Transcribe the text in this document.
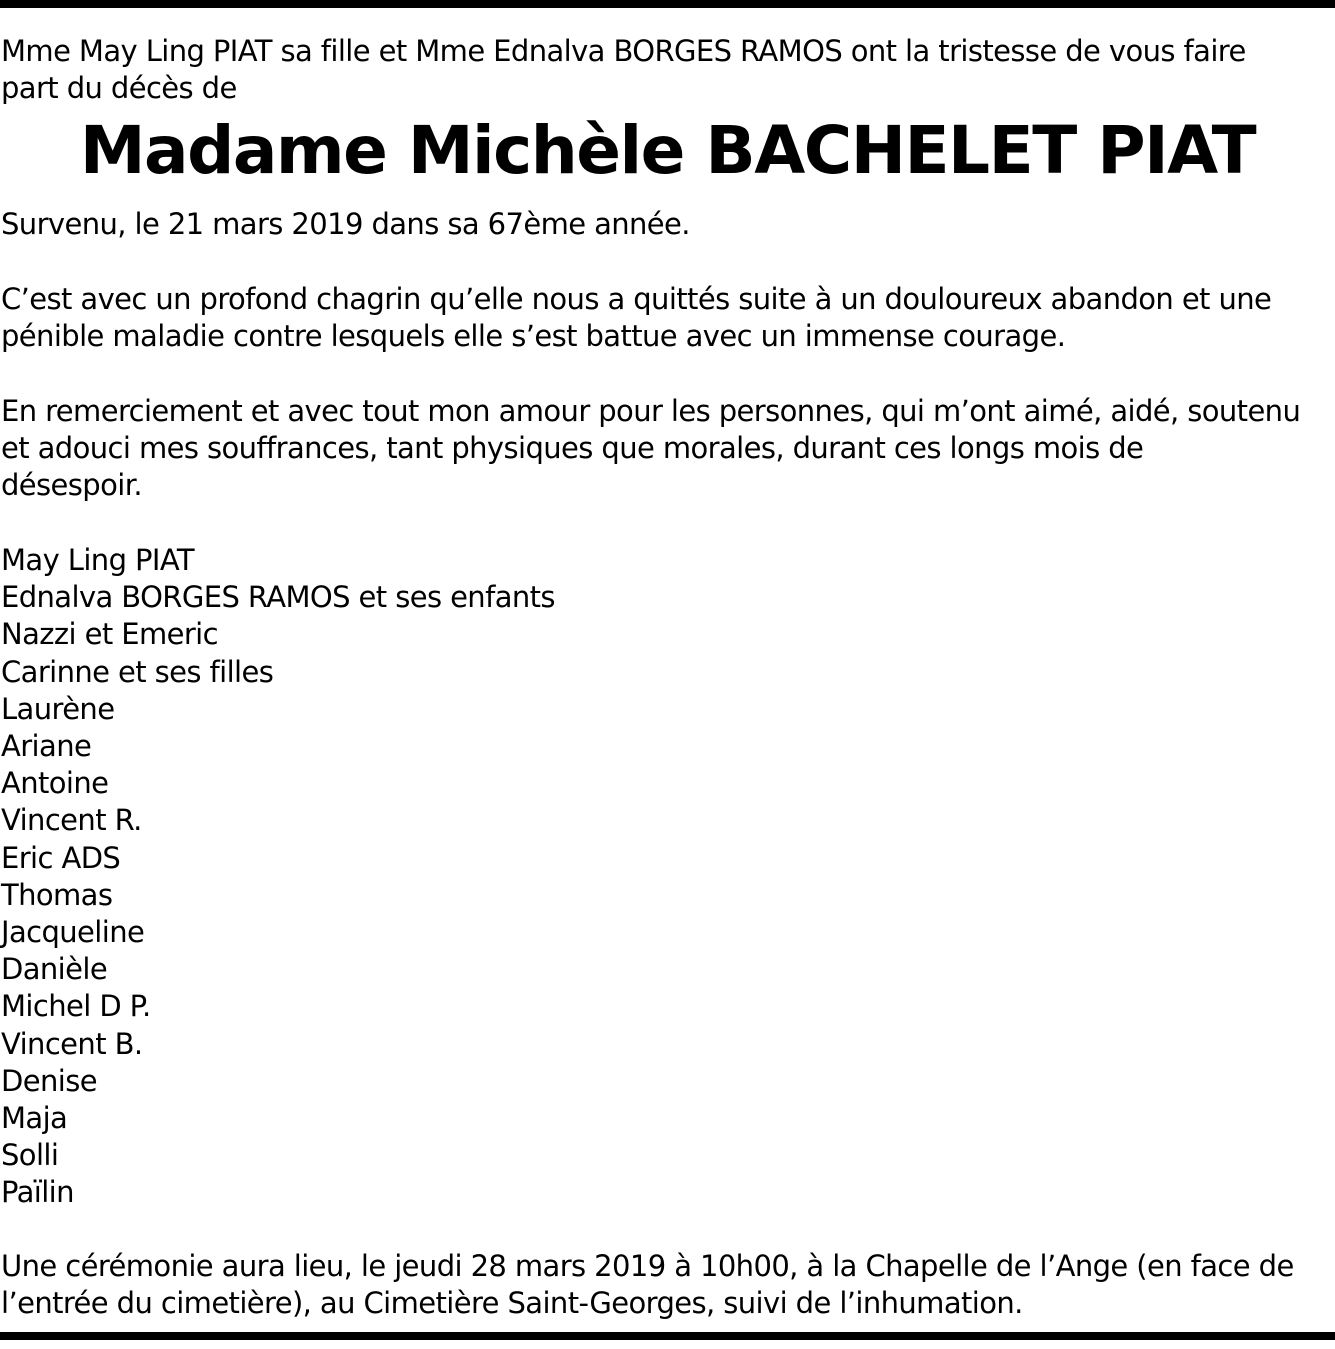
Mme May Ling PIAT sa fille et Mme Ednalva BORGES RAMOS ont la tristesse de vous faire
part du décès de

Madame Michèle BACHELET PIAT

Survenu, le 21 mars 2019 dans sa 67ème année.

C’est avec un profond chagrin qu’elle nous a quittés suite à un douloureux abandon et une
pénible maladie contre lesquels elle s’est battue avec un immense courage.

En remerciement et avec tout mon amour pour les personnes, qui m’ont aimé, aidé, soutenu
et adouci mes souffrances, tant physiques que morales, durant ces longs mois de
désespoir.

May Ling PIAT
Ednalva BORGES RAMOS et ses enfants
Nazzi et Emeric
Carinne et ses filles
Laurène
Ariane
Antoine
Vincent R.
Eric ADS
Thomas
Jacqueline
Danièle
Michel D P.
Vincent B.
Denise
Maja
Solli
Païlin

Une cérémonie aura lieu, le jeudi 28 mars 2019 à 10h00, à la Chapelle de l’Ange (en face de
l’entrée du cimetière), au Cimetière Saint-Georges, suivi de l’inhumation.
